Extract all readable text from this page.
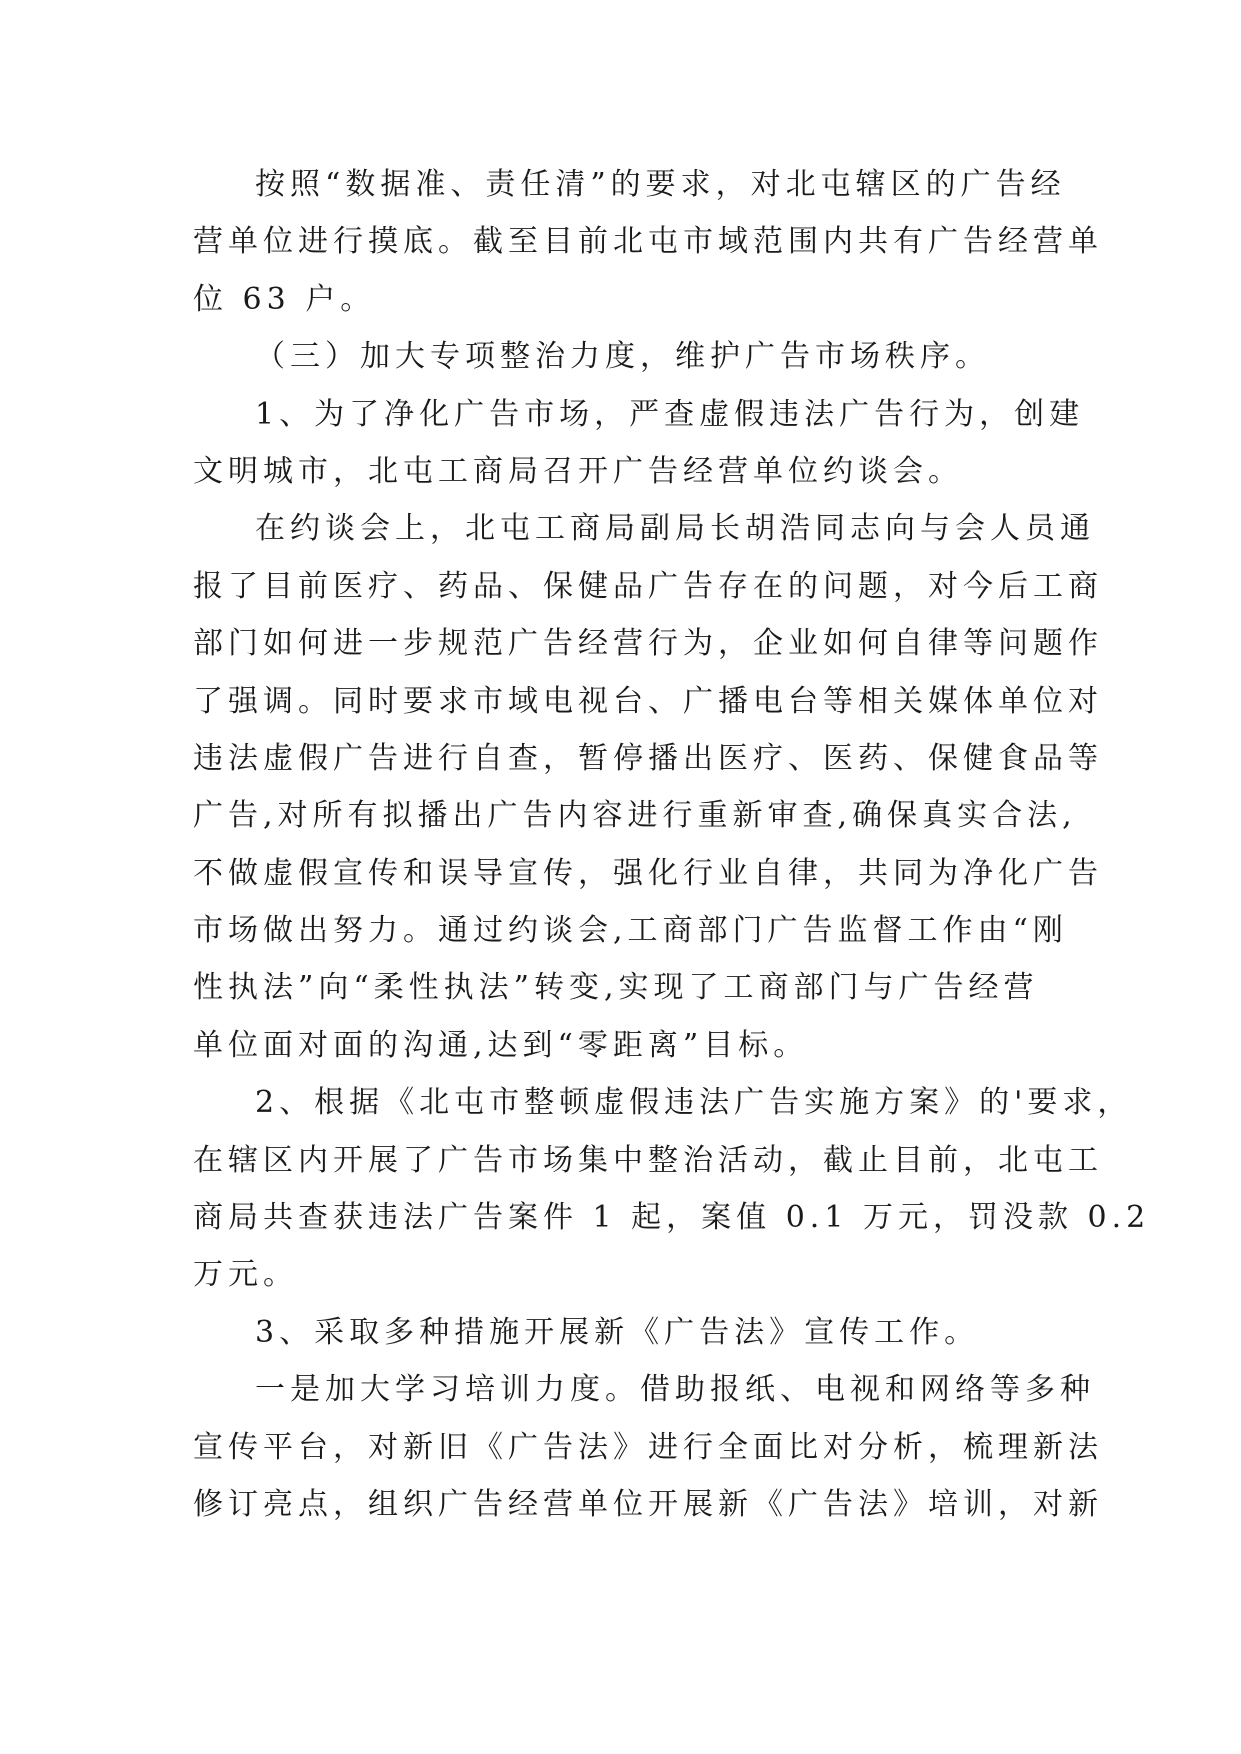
按照“数据准、责任清”的要求，对北屯辖区的广告经
营单位进行摸底。截至目前北屯市域范围内共有广告经营单
位 63 户。
（三）加大专项整治力度，维护广告市场秩序。
1、为了净化广告市场，严查虚假违法广告行为，创建
文明城市，北屯工商局召开广告经营单位约谈会。
在约谈会上，北屯工商局副局长胡浩同志向与会人员通
报了目前医疗、药品、保健品广告存在的问题，对今后工商
部门如何进一步规范广告经营行为，企业如何自律等问题作
了强调。同时要求市域电视台、广播电台等相关媒体单位对
违法虚假广告进行自查，暂停播出医疗、医药、保健食品等
广告,对所有拟播出广告内容进行重新审查,确保真实合法,
不做虚假宣传和误导宣传，强化行业自律，共同为净化广告
市场做出努力。通过约谈会,工商部门广告监督工作由“刚
性执法”向“柔性执法”转变,实现了工商部门与广告经营
单位面对面的沟通,达到“零距离”目标。
2、根据《北屯市整顿虚假违法广告实施方案》的'要求，
在辖区内开展了广告市场集中整治活动，截止目前，北屯工
商局共查获违法广告案件 1 起，案值 0.1 万元，罚没款 0.2
万元。
3、采取多种措施开展新《广告法》宣传工作。
一是加大学习培训力度。借助报纸、电视和网络等多种
宣传平台，对新旧《广告法》进行全面比对分析，梳理新法
修订亮点，组织广告经营单位开展新《广告法》培训，对新
